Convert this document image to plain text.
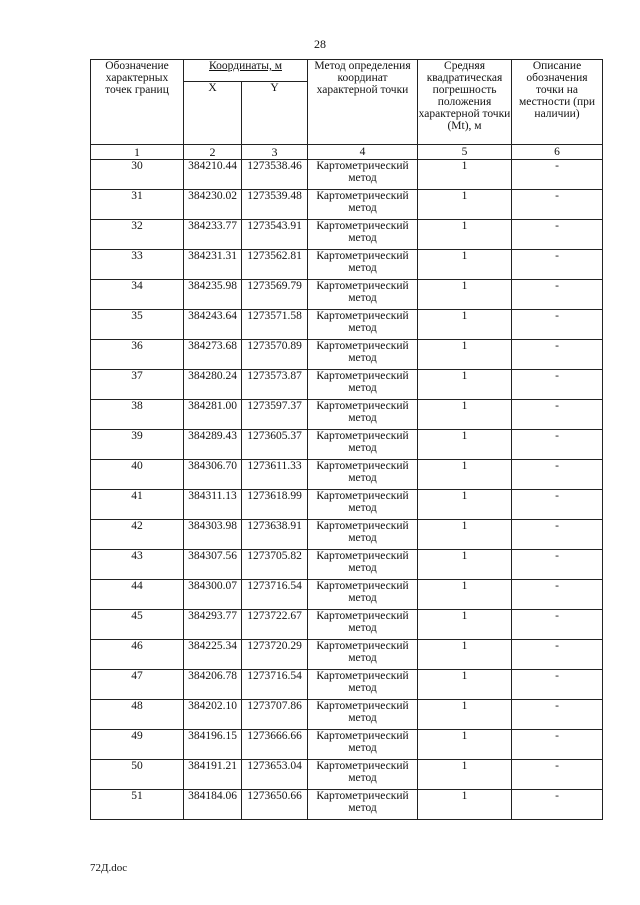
28
Обозначение характерных точек границ	Координаты, м		Метод определения координат характерной точки	Средняя квадратическая погрешность положения характерной точки (Mt), м	Описание обозначения точки на местности (при наличии)
	X	Y			
1	2	3	4	5	6
30	384210.44	1273538.46	Картометрический метод	1	-
31	384230.02	1273539.48	Картометрический метод	1	-
32	384233.77	1273543.91	Картометрический метод	1	-
33	384231.31	1273562.81	Картометрический метод	1	-
34	384235.98	1273569.79	Картометрический метод	1	-
35	384243.64	1273571.58	Картометрический метод	1	-
36	384273.68	1273570.89	Картометрический метод	1	-
37	384280.24	1273573.87	Картометрический метод	1	-
38	384281.00	1273597.37	Картометрический метод	1	-
39	384289.43	1273605.37	Картометрический метод	1	-
40	384306.70	1273611.33	Картометрический метод	1	-
41	384311.13	1273618.99	Картометрический метод	1	-
42	384303.98	1273638.91	Картометрический метод	1	-
43	384307.56	1273705.82	Картометрический метод	1	-
44	384300.07	1273716.54	Картометрический метод	1	-
45	384293.77	1273722.67	Картометрический метод	1	-
46	384225.34	1273720.29	Картометрический метод	1	-
47	384206.78	1273716.54	Картометрический метод	1	-
48	384202.10	1273707.86	Картометрический метод	1	-
49	384196.15	1273666.66	Картометрический метод	1	-
50	384191.21	1273653.04	Картометрический метод	1	-
51	384184.06	1273650.66	Картометрический метод	1	-
72Д.doc
